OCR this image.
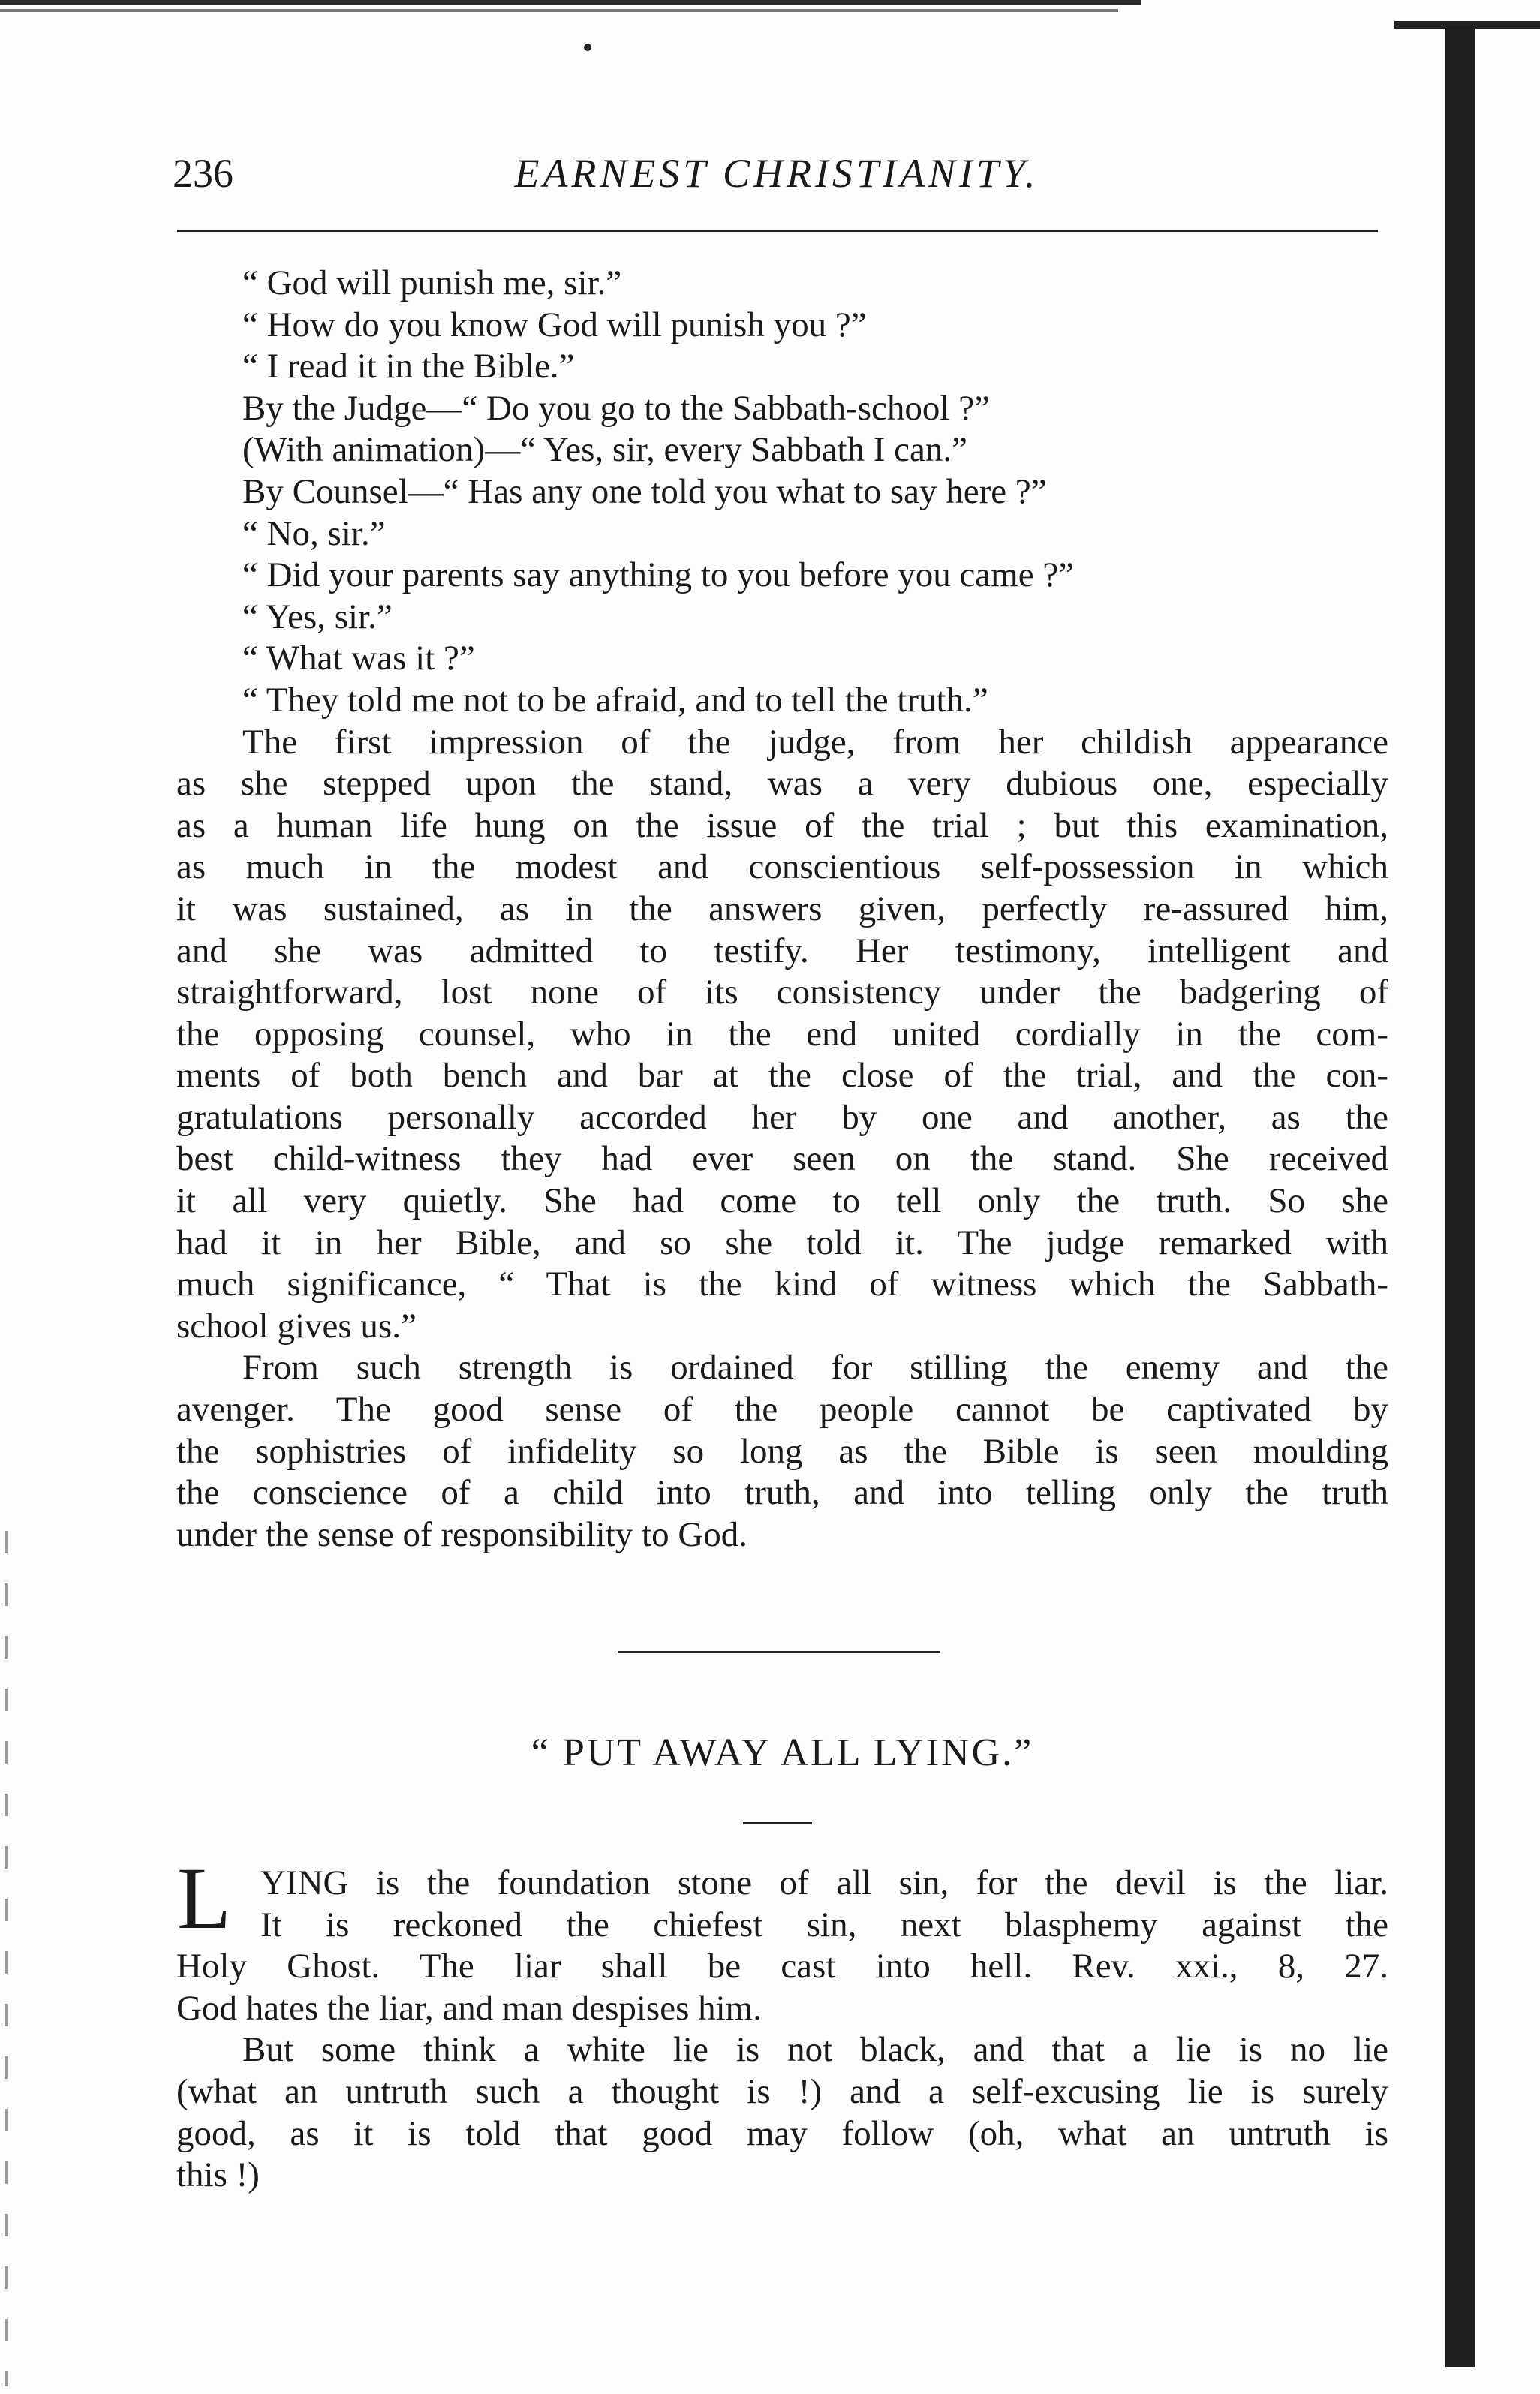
236	EARNEST CHRISTIANITY.
“ God will punish me, sir.”
“ How do you know God will punish you ?”
“ I read it in the Bible.”
By the Judge—“ Do you go to the Sabbath-school ?”
(With animation)—“ Yes, sir, every Sabbath I can.”
By Counsel—“ Has any one told you what to say here ?”
“ No, sir.”
“ Did your parents say anything to you before you came ?”
“ Yes, sir.”
“ What was it ?”
“ They told me not to be afraid, and to tell the truth.”
The first impression of the judge, from her childish appearance
as she stepped upon the stand, was a very dubious one, especially
as a human life hung on the issue of the trial ; but this examination,
as much in the modest and conscientious self-possession in which
it was sustained, as in the answers given, perfectly re-assured him,
and she was admitted to testify. Her testimony, intelligent and
straightforward, lost none of its consistency under the badgering of
the opposing counsel, who in the end united cordially in the com-
ments of both bench and bar at the close of the trial, and the con-
gratulations personally accorded her by one and another, as the
best child-witness they had ever seen on the stand. She received
it all very quietly. She had come to tell only the truth. So she
had it in her Bible, and so she told it. The judge remarked with
much significance, “ That is the kind of witness which the Sabbath-
school gives us.”
From such strength is ordained for stilling the enemy and the
avenger. The good sense of the people cannot be captivated by
the sophistries of infidelity so long as the Bible is seen moulding
the conscience of a child into truth, and into telling only the truth
under the sense of responsibility to God.
“ PUT AWAY ALL LYING.”
L YING is the foundation stone of all sin, for the devil is the liar.
It is reckoned the chiefest sin, next blasphemy against the
Holy Ghost. The liar shall be cast into hell. Rev. xxi., 8, 27.
God hates the liar, and man despises him.
But some think a white lie is not black, and that a lie is no lie
(what an untruth such a thought is !) and a self-excusing lie is surely
good, as it is told that good may follow (oh, what an untruth is
this !)
